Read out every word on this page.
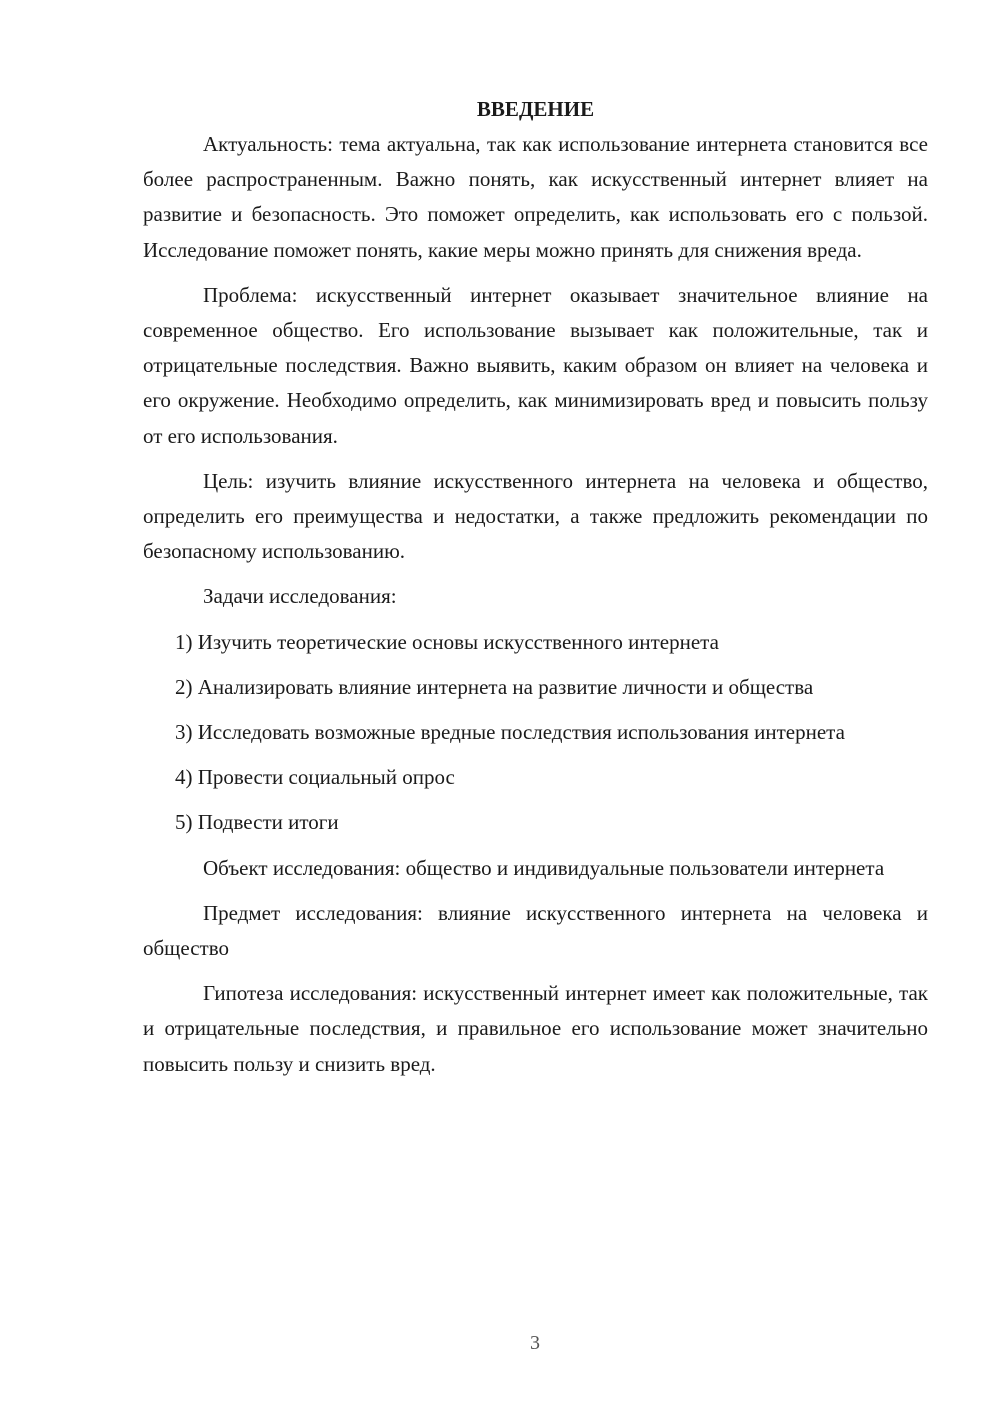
ВВЕДЕНИЕ

Актуальность: тема актуальна, так как использование интернета становится все более распространенным. Важно понять, как искусственный интернет влияет на развитие и безопасность. Это поможет определить, как использовать его с пользой. Исследование поможет понять, какие меры можно принять для снижения вреда.

Проблема: искусственный интернет оказывает значительное влияние на современное общество. Его использование вызывает как положительные, так и отрицательные последствия. Важно выявить, каким образом он влияет на человека и его окружение. Необходимо определить, как минимизировать вред и повысить пользу от его использования.

Цель: изучить влияние искусственного интернета на человека и общество, определить его преимущества и недостатки, а также предложить рекомендации по безопасному использованию.

Задачи исследования:

1) Изучить теоретические основы искусственного интернета

2) Анализировать влияние интернета на развитие личности и общества

3) Исследовать возможные вредные последствия использования интернета

4) Провести социальный опрос

5) Подвести итоги

Объект исследования: общество и индивидуальные пользователи интернета

Предмет исследования: влияние искусственного интернета на человека и общество

Гипотеза исследования: искусственный интернет имеет как положительные, так и отрицательные последствия, и правильное его использование может значительно повысить пользу и снизить вред.

3
